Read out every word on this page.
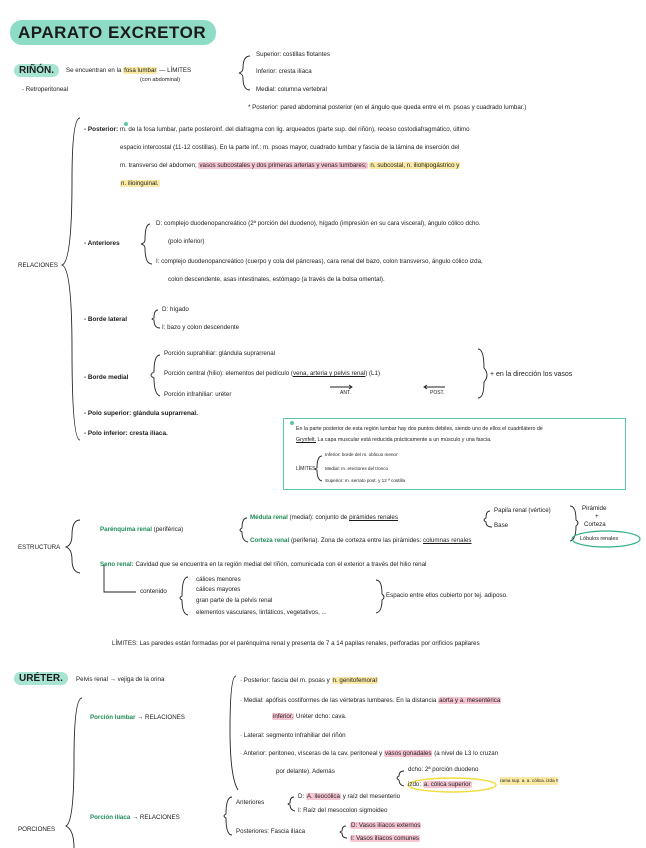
APARATO EXCRETOR
RIÑÓN.	Se encuentran en la fosa lumbar — LÍMITES
(con abdominal)
- Retroperitoneal
Superior: costillas flotantes
Inferior: cresta ilíaca
Medial: columna vertebral
* Posterior: pared abdominal posterior (en el ángulo que queda entre el m. psoas y cuadrado lumbar.)
RELACIONES
- Posterior: m. de la fosa lumbar, parte posteroinf. del diafragma con lig. arqueados (parte sup. del riñón), receso costodiafragmático, último
espacio intercostal (11-12 costillas). En la parte inf.: m. psoas mayor, cuadrado lumbar y fascia de la lámina de inserción del
m. transverso del abdomen; vasos subcostales y dos primeras arterias y venas lumbares; n. subcostal, n. iliohipogástrico y
n. ilioinguinal.
- Anteriores
D: complejo duodenopancreático (2ª porción del duodeno), hígado (impresión en su cara visceral), ángulo cólico dcho.
(polo inferior)
I: complejo duodenopancreático (cuerpo y cola del páncreas), cara renal del bazo, colon transverso, ángulo cólico izda,
colon descendente, asas intestinales, estómago (a través de la bolsa omental).
- Borde lateral
D: hígado
I: bazo y colon descendente
- Borde medial
Porción suprahiliar: glándula suprarrenal
Porción central (hilio): elementos del pedículo (vena, arteria y pelvis renal) (L1)
ANT.	POST.
Porción infrahiliar: uréter
+ en la dirección los vasos
- Polo superior: glándula suprarrenal.
- Polo inferior: cresta ilíaca.
En la parte posterior de esta región lumbar hay dos puntos débiles, siendo uno de ellos el cuadrilátero de
Grynfelt. La capa muscular está reducida prácticamente a un músculo y una fascia.
LÍMITES
Inferior: borde del m. oblicuo menor
Medial: m. erectores del tronco
Superior: m. serrato post. y 12 ª costilla
ESTRUCTURA
Parénquima renal (periférica)
Médula renal (medial): conjunto de pirámides renales
Papila renal (vértice)
Base
Pirámide
+
Corteza
Lóbulos renales
Corteza renal (periferia). Zona de corteza entre las pirámides: columnas renales
Seno renal: Cavidad que se encuentra en la región medial del riñón, comunicada con el exterior a través del hilio renal
contenido
cálices menores
cálices mayores
gran parte de la pelvis renal
elementos vasculares, linfáticos, vegetativos, ...
Espacio entre ellos cubierto por tej. adiposo.
LÍMITES: Las paredes están formadas por el parénquima renal y presenta de 7 a 14 papilas renales, perforadas por orificios papilares
URÉTER.	Pelvis renal → vejiga de la orina
Porción lumbar → RELACIONES
· Posterior: fascia del m. psoas y n. genitofemoral
· Medial: apófisis costiformes de las vértebras lumbares. En la distancia aorta y a. mesentérica
inferior. Uréter dcho: cava.
· Lateral: segmento infrahiliar del riñón
· Anterior: peritoneo, vísceras de la cav. peritoneal y vasos gonadales (a nivel de L3 lo cruzan
por delante). Además	dcho: 2ª porción duodeno
izdo: a. cólica superior
rama sup. a. a. cólica. izda !!
Porción ilíaca → RELACIONES
Anteriores
D: A. ileocólica y raíz del mesenterio
I: Raíz del mesocolon sigmoideo
Posteriores: Fascia ilíaca
D: Vasos ilíacos externos
I: Vasos ilíacos comunes
PORCIONES
